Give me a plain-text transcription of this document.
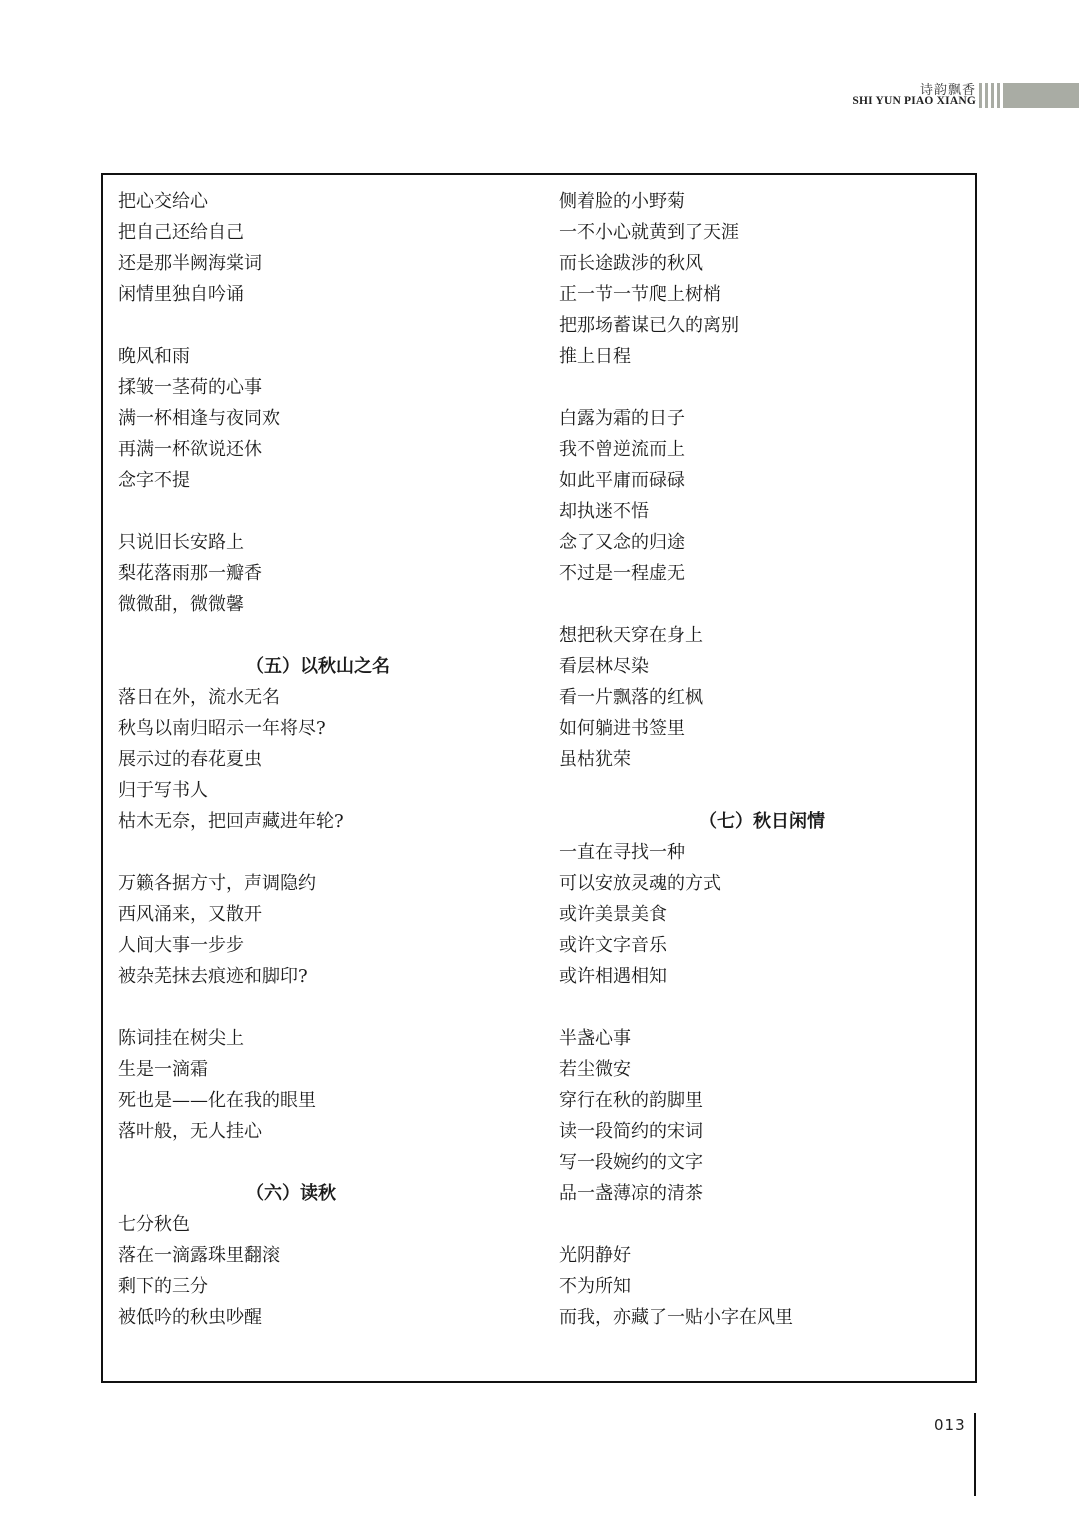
诗韵飘香
SHI YUN PIAO XIANG
把心交给心
把自己还给自己
还是那半阙海棠词
闲情里独自吟诵
晚风和雨
揉皱一茎荷的心事
满一杯相逢与夜同欢
再满一杯欲说还休
念字不提
只说旧长安路上
梨花落雨那一瓣香
微微甜，微微馨
（五）以秋山之名
落日在外，流水无名
秋鸟以南归昭示一年将尽?
展示过的春花夏虫
归于写书人
枯木无奈，把回声藏进年轮?
万籁各据方寸，声调隐约
西风涌来，又散开
人间大事一步步
被杂芜抹去痕迹和脚印?
陈词挂在树尖上
生是一滴霜
死也是——化在我的眼里
落叶般，无人挂心
（六）读秋
七分秋色
落在一滴露珠里翻滚
剩下的三分
被低吟的秋虫吵醒
侧着脸的小野菊
一不小心就黄到了天涯
而长途跋涉的秋风
正一节一节爬上树梢
把那场蓄谋已久的离别
推上日程
白露为霜的日子
我不曾逆流而上
如此平庸而碌碌
却执迷不悟
念了又念的归途
不过是一程虚无
想把秋天穿在身上
看层林尽染
看一片飘落的红枫
如何躺进书签里
虽枯犹荣
（七）秋日闲情
一直在寻找一种
可以安放灵魂的方式
或许美景美食
或许文字音乐
或许相遇相知
半盏心事
若尘微安
穿行在秋的韵脚里
读一段简约的宋词
写一段婉约的文字
品一盏薄凉的清茶
光阴静好
不为所知
而我，亦藏了一贴小字在风里
013
